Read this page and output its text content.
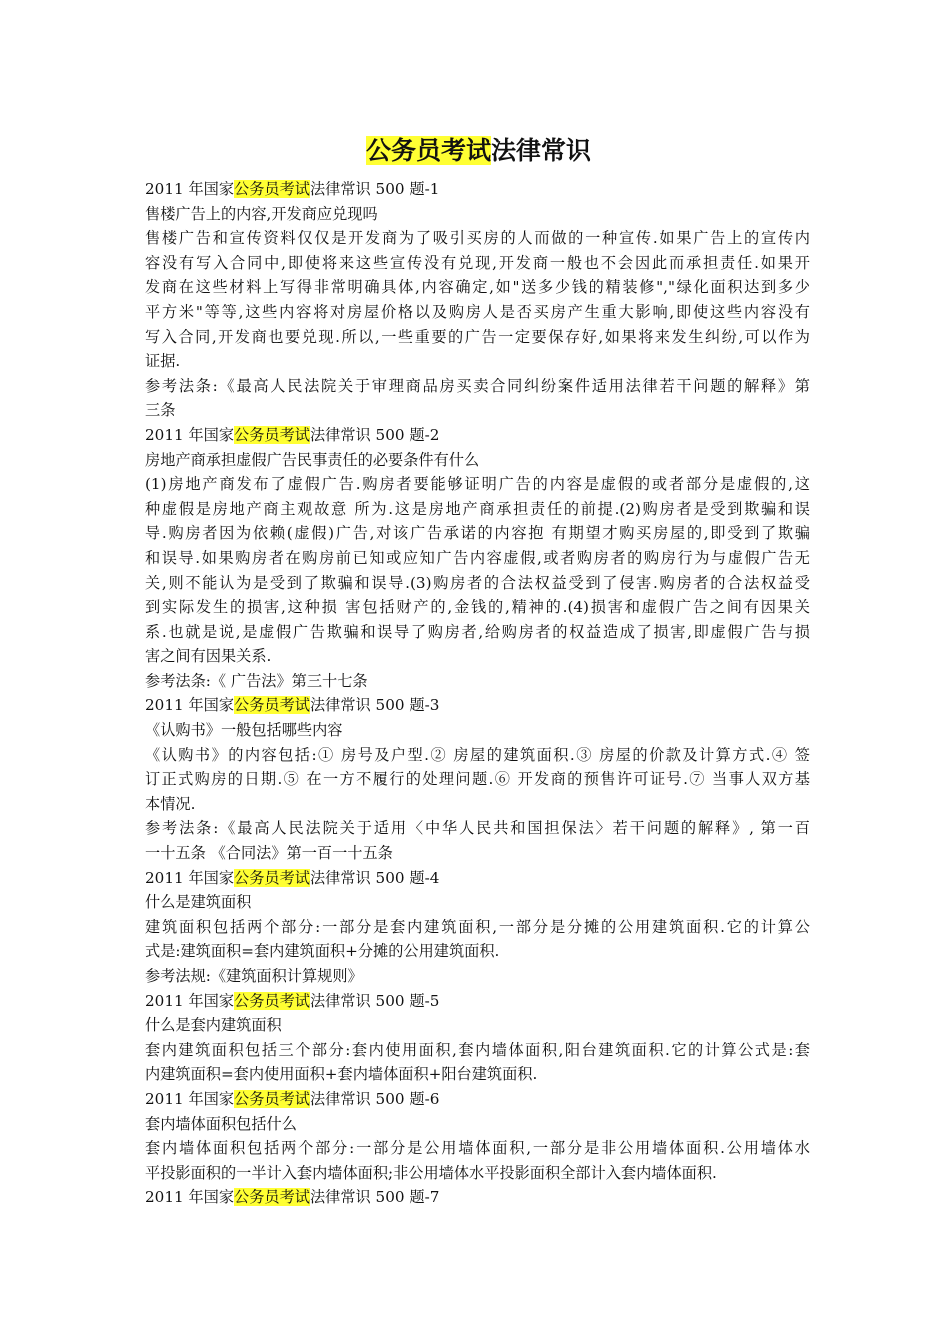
公务员考试法律常识
2011 年国家公务员考试法律常识 500 题-1
售楼广告上的内容,开发商应兑现吗
售楼广告和宣传资料仅仅是开发商为了吸引买房的人而做的一种宣传.如果广告上的宣传内
容没有写入合同中,即使将来这些宣传没有兑现,开发商一般也不会因此而承担责任.如果开
发商在这些材料上写得非常明确具体,内容确定,如"送多少钱的精装修","绿化面积达到多少
平方米"等等,这些内容将对房屋价格以及购房人是否买房产生重大影响,即使这些内容没有
写入合同,开发商也要兑现.所以,一些重要的广告一定要保存好,如果将来发生纠纷,可以作为
证据.
参考法条:《最高人民法院关于审理商品房买卖合同纠纷案件适用法律若干问题的解释》第
三条
2011 年国家公务员考试法律常识 500 题-2
房地产商承担虚假广告民事责任的必要条件有什么
(1)房地产商发布了虚假广告.购房者要能够证明广告的内容是虚假的或者部分是虚假的,这
种虚假是房地产商主观故意 所为.这是房地产商承担责任的前提.(2)购房者是受到欺骗和误
导.购房者因为依赖(虚假)广告,对该广告承诺的内容抱 有期望才购买房屋的,即受到了欺骗
和误导.如果购房者在购房前已知或应知广告内容虚假,或者购房者的购房行为与虚假广告无
关,则不能认为是受到了欺骗和误导.(3)购房者的合法权益受到了侵害.购房者的合法权益受
到实际发生的损害,这种损 害包括财产的,金钱的,精神的.(4)损害和虚假广告之间有因果关
系.也就是说,是虚假广告欺骗和误导了购房者,给购房者的权益造成了损害,即虚假广告与损
害之间有因果关系.
参考法条:《 广告法》第三十七条
2011 年国家公务员考试法律常识 500 题-3
《认购书》一般包括哪些内容
《认购书》的内容包括:① 房号及户型.② 房屋的建筑面积.③ 房屋的价款及计算方式.④ 签
订正式购房的日期.⑤ 在一方不履行的处理问题.⑥ 开发商的预售许可证号.⑦ 当事人双方基
本情况.
参考法条:《最高人民法院关于适用〈中华人民共和国担保法〉若干问题的解释》, 第一百
一十五条 《合同法》第一百一十五条
2011 年国家公务员考试法律常识 500 题-4
什么是建筑面积
建筑面积包括两个部分:一部分是套内建筑面积,一部分是分摊的公用建筑面积.它的计算公
式是:建筑面积=套内建筑面积+分摊的公用建筑面积.
参考法规:《建筑面积计算规则》
2011 年国家公务员考试法律常识 500 题-5
什么是套内建筑面积
套内建筑面积包括三个部分:套内使用面积,套内墙体面积,阳台建筑面积.它的计算公式是:套
内建筑面积=套内使用面积+套内墙体面积+阳台建筑面积.
2011 年国家公务员考试法律常识 500 题-6
套内墙体面积包括什么
套内墙体面积包括两个部分:一部分是公用墙体面积,一部分是非公用墙体面积.公用墙体水
平投影面积的一半计入套内墙体面积;非公用墙体水平投影面积全部计入套内墙体面积.
2011 年国家公务员考试法律常识 500 题-7
